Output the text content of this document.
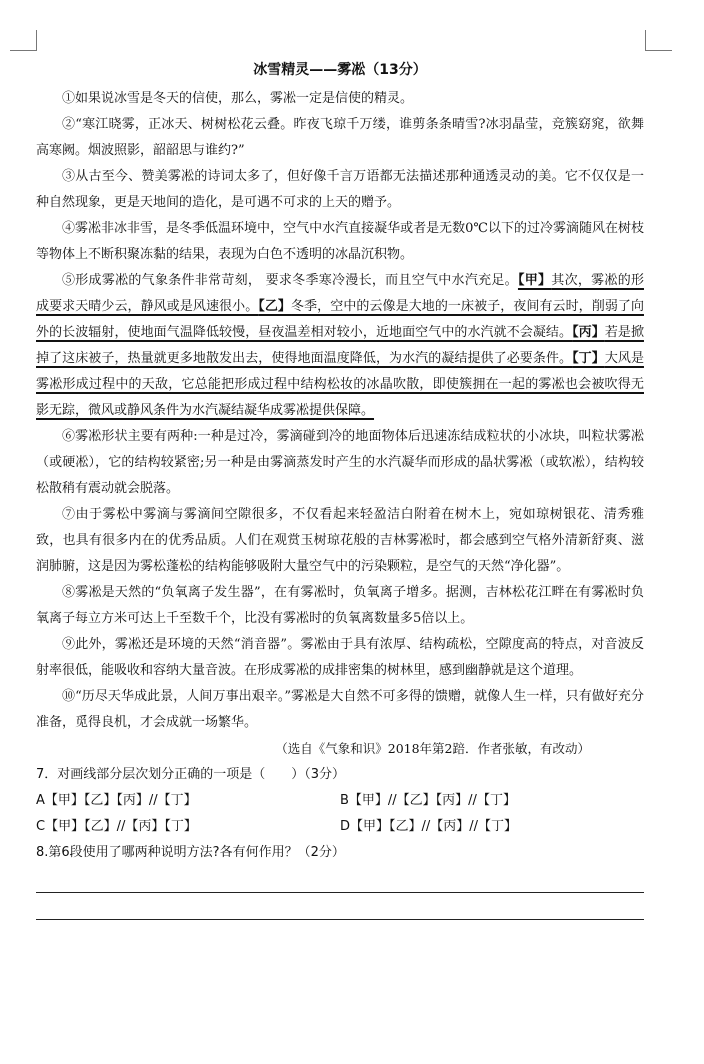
冰雪精灵——雾凇（13分）

①如果说冰雪是冬天的信使，那么，雾凇一定是信使的精灵。

②“寒江晓雾，正冰天、树树松花云叠。昨夜飞琼千万缕，谁剪条条晴雪?冰羽晶莹，竞簇窈窕，欲舞高寒阙。烟波照影，韶韶思与谁约?”

③从古至今、赞美雾凇的诗词太多了，但好像千言万语都无法描述那种通透灵动的美。它不仅仅是一种自然现象，更是天地间的造化，是可遇不可求的上天的赠予。

④雾凇非冰非雪，是冬季低温环境中，空气中水汽直接凝华或者是无数0℃以下的过冷雾滴随风在树枝等物体上不断积聚冻黏的结果，表现为白色不透明的冰晶沉积物。

⑤形成雾凇的气象条件非常苛刻， 要求冬季寒冷漫长，而且空气中水汽充足。【甲】其次，雾凇的形成要求天晴少云，静风或是风速很小。【乙】冬季，空中的云像是大地的一床被子，夜间有云时，削弱了向外的长波辐射，使地面气温降低较慢，昼夜温差相对较小，近地面空气中的水汽就不会凝结。【丙】若是掀掉了这床被子，热量就更多地散发出去，使得地面温度降低，为水汽的凝结提供了必要条件。【丁】大风是雾凇形成过程中的天敌，它总能把形成过程中结构松妆的冰晶吹散，即使簇拥在一起的雾凇也会被吹得无影无踪，微风或静风条件为水汽凝结凝华成雾凇提供保障。

⑥雾凇形状主要有两种:一种是过冷，雾滴碰到冷的地面物体后迅速冻结成粒状的小冰块，叫粒状雾凇（或硬凇），它的结构较紧密;另一种是由雾滴蒸发时产生的水汽凝华而形成的晶状雾凇（或软凇），结构较松散稍有震动就会脱落。

⑦由于雾松中雾滴与雾滴间空隙很多，不仅看起来轻盈洁白附着在树木上，宛如琼树银花、清秀雅致，也具有很多内在的优秀品质。人们在观赏玉树琼花般的吉林雾凇时，都会感到空气格外清新舒爽、滋润肺腑，这是因为雾松蓬松的结构能够吸附大量空气中的污染颗粒，是空气的天然“净化器”。

⑧雾凇是天然的“负氧离子发生器”，在有雾凇时，负氧离子增多。据测，吉林松花江畔在有雾凇时负氧离子每立方米可达上千至数千个，比没有雾凇时的负氧离数量多5倍以上。

⑨此外，雾凇还是环境的天然“消音器”。雾凇由于具有浓厚、结构疏松，空隙度高的特点，对音波反射率很低，能吸收和容纳大量音波。在形成雾凇的成排密集的树林里，感到幽静就是这个道理。

⑩“历尽天华成此景，人间万事出艰辛。”雾凇是大自然不可多得的馈赠，就像人生一样，只有做好充分准备，觅得良机，才会成就一场繁华。

（选自《气象和识》2018年第2踣．作者张敏，有改动）

7．对画线部分层次划分正确的一项是（　　）（3分）

A【甲】【乙】【丙】//【丁】	B【甲】//【乙】【丙】//【丁】
C【甲】【乙】//【丙】【丁】	D【甲】【乙】//【丙】//【丁】

8.第6段使用了哪两种说明方法?各有何作用？（2分）
